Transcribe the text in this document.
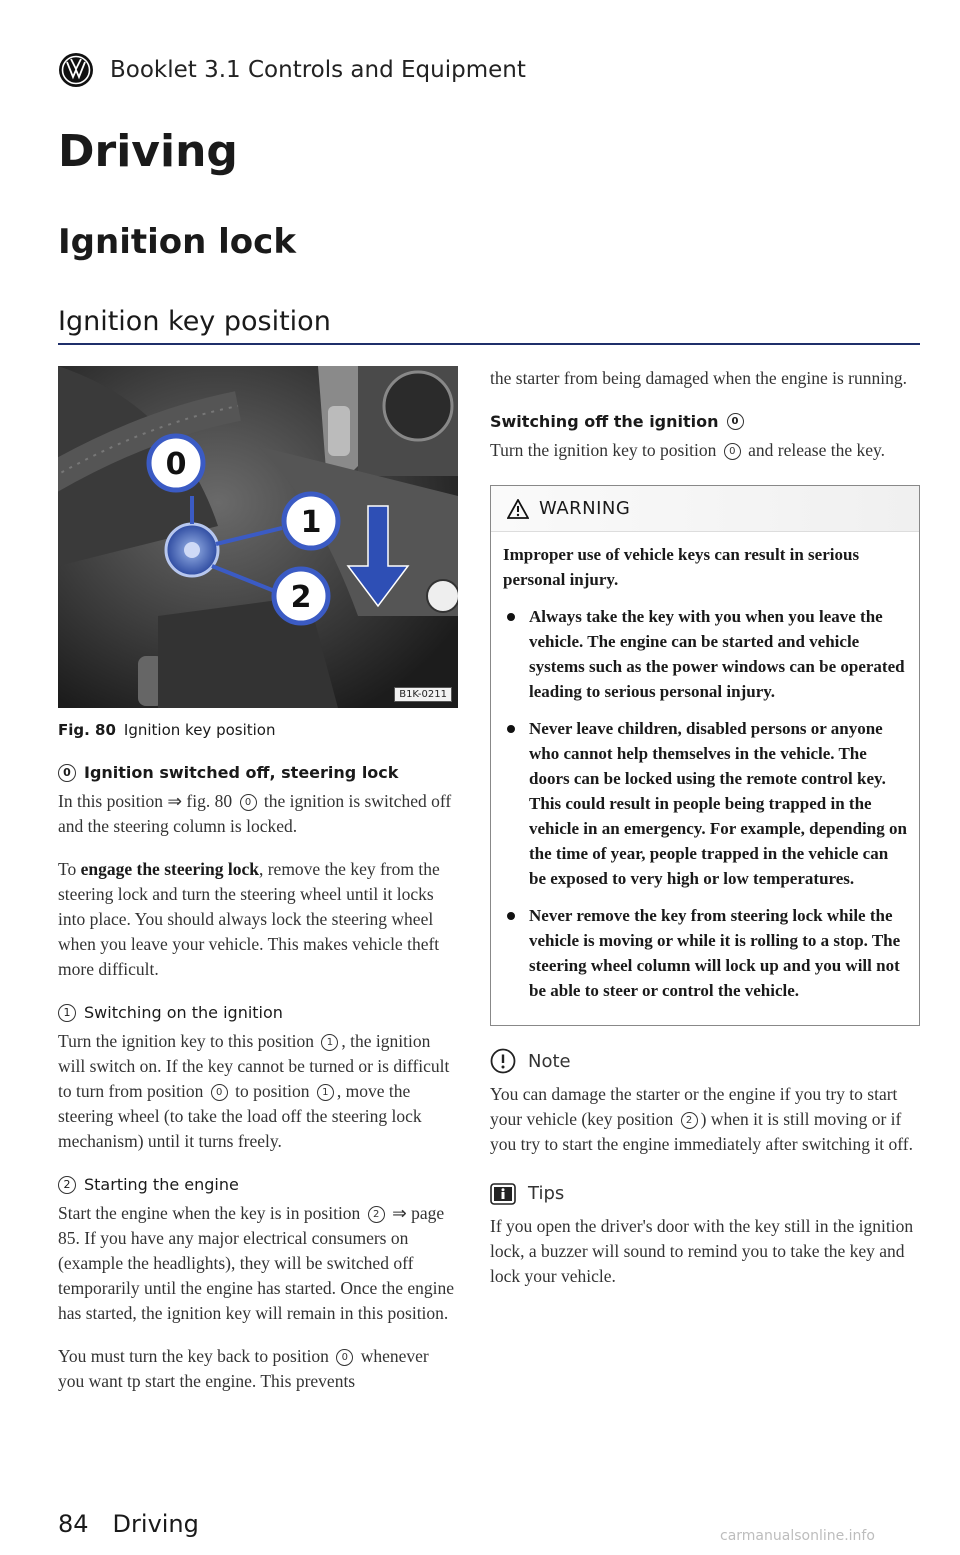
Booklet 3.1 Controls and Equipment
Driving
Ignition lock
Ignition key position
0
1
2
B1K-0211
Fig. 80 Ignition key position
0 Ignition switched off, steering lock

In this position ⇒ fig. 80 0 the ignition is switched off and the steering column is locked.

To engage the steering lock, remove the key from the steering lock and turn the steering wheel until it locks into place. You should always lock the steering wheel when you leave your vehicle. This makes vehicle theft more difficult.

1 Switching on the ignition

Turn the ignition key to this position 1 , the ignition will switch on. If the key cannot be turned or is difficult to turn from position 0 to position 1 , move the steering wheel (to take the load off the steering lock mechanism) until it turns freely.

2 Starting the engine

Start the engine when the key is in position 2 ⇒ page 85. If you have any major electrical consumers on (example the headlights), they will be switched off temporarily until the engine has started. Once the engine has started, the ignition key will remain in this position.

You must turn the key back to position 0 whenever you want tp start the engine. This prevents

the starter from being damaged when the engine is running.

Switching off the ignition	0

Turn the ignition key to position 0 and release the key.

WARNING

Improper use of vehicle keys can result in serious personal injury.

Always take the key with you when you leave the vehicle. The engine can be started and vehicle systems such as the power windows can be operated leading to serious personal injury.
Never leave children, disabled persons or anyone who cannot help themselves in the vehicle. The doors can be locked using the remote control key. This could result in people being trapped in the vehicle in an emergency. For example, depending on the time of year, people trapped in the vehicle can be exposed to very high or low temperatures.
Never remove the key from steering lock while the vehicle is moving or while it is rolling to a stop. The steering wheel column will lock up and you will not be able to steer or control the vehicle.
Note

You can damage the starter or the engine if you try to start your vehicle (key position 2 ) when it is still moving or if you try to start the engine immediately after switching it off.

Tips

If you open the driver's door with the key still in the ignition lock, a buzzer will sound to remind you to take the key and lock your vehicle.

84 Driving	carmanualsonline.info
